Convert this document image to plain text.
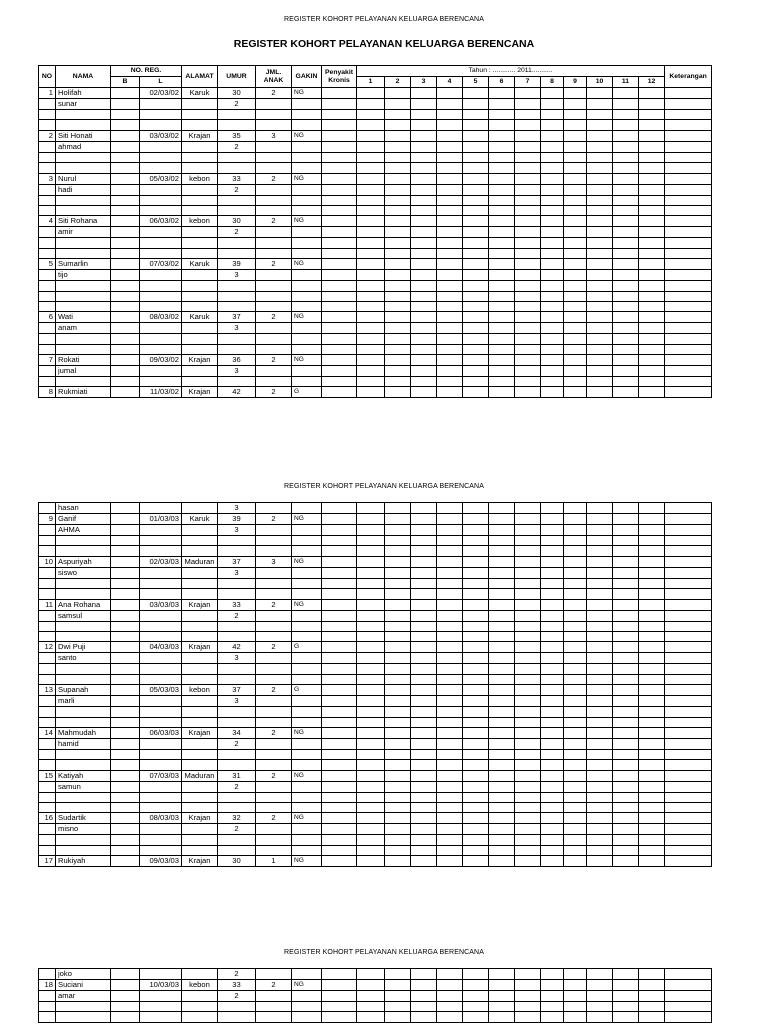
REGISTER KOHORT PELAYANAN KELUARGA BERENCANA
REGISTER KOHORT PELAYANAN KELUARGA BERENCANA
NO	NAMA	NO. REG.		ALAMAT	UMUR	JML. ANAK	GAKIN	Penyakit Kronis	Tahun : ............ 2011...........												Keterangan
		B	L						1	2	3	4	5	6	7	8	9	10	11	12	
1	Holifah		02/03/02	Karuk	30	2	NG														
	sunar				2																

2	Siti Honati		03/03/02	Krajan	35	3	NG														
	ahmad				2																

3	Nurul		05/03/02	kebon	33	2	NG														
	hadi				2																

4	Siti Rohana		06/03/02	kebon	30	2	NG														
	amir				2																

5	Sumarlin		07/03/02	Karuk	39	2	NG														
	tijo				3																

6	Wati		08/03/02	Karuk	37	2	NG														
	anam				3																

7	Rokati		09/03/02	Krajan	36	2	NG														
	jumal				3																

8	Rukmiati		11/03/02	Krajan	42	2	G														
REGISTER KOHORT PELAYANAN KELUARGA BERENCANA
	hasan				3																
9	Ganif		01/03/03	Karuk	39	2	NG														
	AHMA				3																

10	Aspuriyah		02/03/03	Maduran	37	3	NG														
	siswo				3																

11	Ana Rohana		03/03/03	Krajan	33	2	NG														
	samsul				2																

12	Dwi Puji		04/03/03	Krajan	42	2	G														
	santo				3																

13	Supanah		05/03/03	kebon	37	2	G														
	marli				3																

14	Mahmudah		06/03/03	Krajan	34	2	NG														
	hamid				2																

15	Katiyah		07/03/03	Maduran	31	2	NG														
	samun				2																

16	Sudartik		08/03/03	Krajan	32	2	NG														
	misno				2																

17	Rukiyah		09/03/03	Krajan	30	1	NG														
REGISTER KOHORT PELAYANAN KELUARGA BERENCANA
	joko				2																
18	Suciani		10/03/03	kebon	33	2	NG														
	amar				2																
